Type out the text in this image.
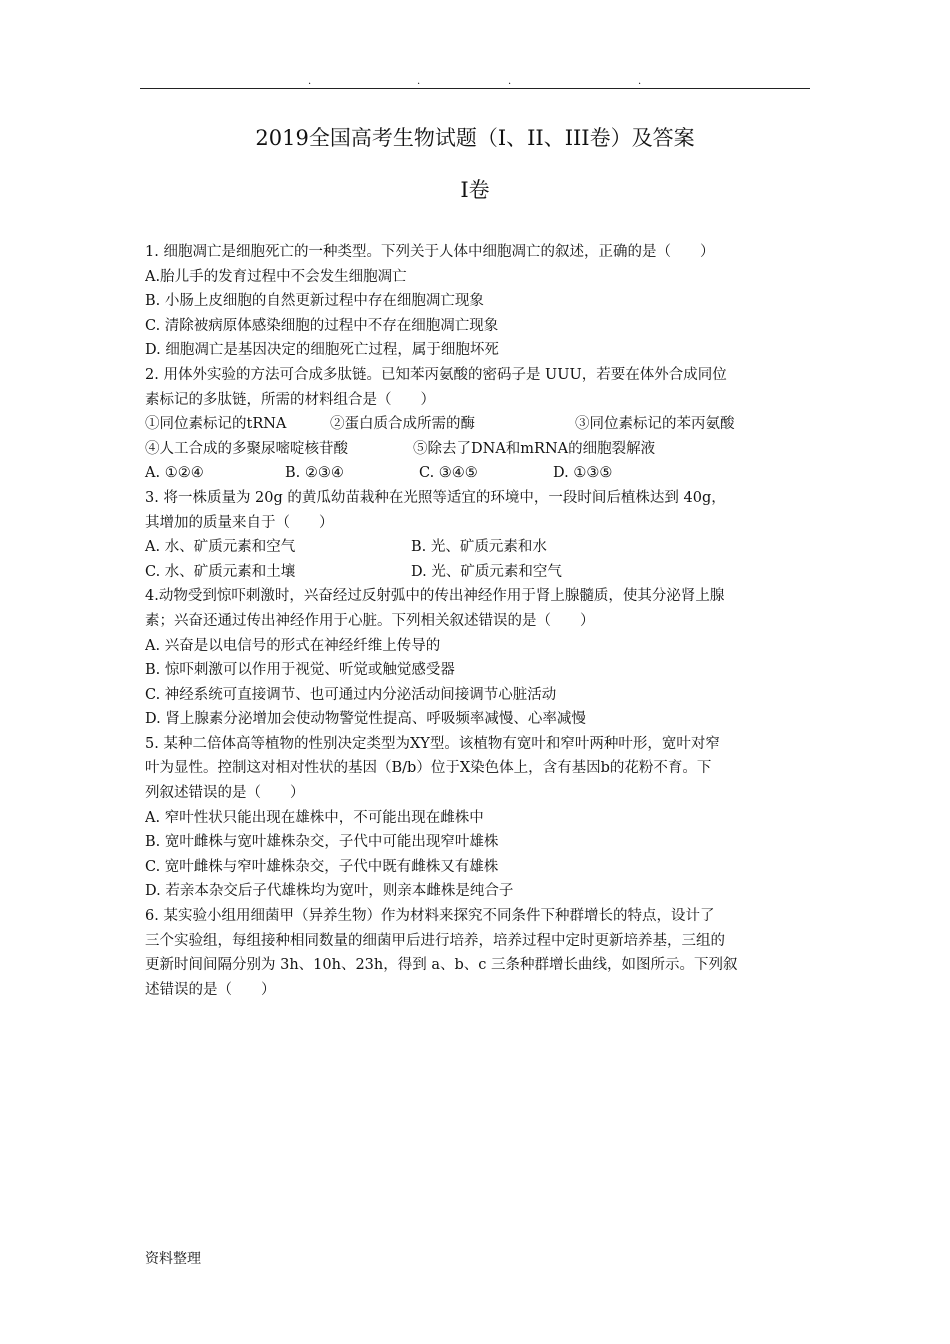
.	.	.	.
2019全国高考生物试题（I、II、III卷）及答案
I卷
1. 细胞凋亡是细胞死亡的一种类型。下列关于人体中细胞凋亡的叙述，正确的是（　　）
A.胎儿手的发育过程中不会发生细胞凋亡
B. 小肠上皮细胞的自然更新过程中存在细胞凋亡现象
C. 清除被病原体感染细胞的过程中不存在细胞凋亡现象
D. 细胞凋亡是基因决定的细胞死亡过程，属于细胞坏死
2. 用体外实验的方法可合成多肽链。已知苯丙氨酸的密码子是 UUU，若要在体外合成同位
素标记的多肽链，所需的材料组合是（　　）
①同位素标记的tRNA	②蛋白质合成所需的酶	③同位素标记的苯丙氨酸
④人工合成的多聚尿嘧啶核苷酸	⑤除去了DNA和mRNA的细胞裂解液
A. ①②④	B. ②③④	C. ③④⑤	D. ①③⑤
3. 将一株质量为 20g 的黄瓜幼苗栽种在光照等适宜的环境中，一段时间后植株达到 40g，
其增加的质量来自于（　　）
A. 水、矿质元素和空气	B. 光、矿质元素和水
C. 水、矿质元素和土壤	D. 光、矿质元素和空气
4.动物受到惊吓刺激时，兴奋经过反射弧中的传出神经作用于肾上腺髓质，使其分泌肾上腺
素；兴奋还通过传出神经作用于心脏。下列相关叙述错误的是（　　）
A. 兴奋是以电信号的形式在神经纤维上传导的
B. 惊吓刺激可以作用于视觉、听觉或触觉感受器
C. 神经系统可直接调节、也可通过内分泌活动间接调节心脏活动
D. 肾上腺素分泌增加会使动物警觉性提高、呼吸频率减慢、心率减慢
5. 某种二倍体高等植物的性别决定类型为XY型。该植物有宽叶和窄叶两种叶形，宽叶对窄
叶为显性。控制这对相对性状的基因（B/b）位于X染色体上，含有基因b的花粉不育。下
列叙述错误的是（　　）
A. 窄叶性状只能出现在雄株中，不可能出现在雌株中
B. 宽叶雌株与宽叶雄株杂交，子代中可能出现窄叶雄株
C. 宽叶雌株与窄叶雄株杂交，子代中既有雌株又有雄株
D. 若亲本杂交后子代雄株均为宽叶，则亲本雌株是纯合子
6. 某实验小组用细菌甲（异养生物）作为材料来探究不同条件下种群增长的特点，设计了
三个实验组，每组接种相同数量的细菌甲后进行培养，培养过程中定时更新培养基，三组的
更新时间间隔分别为 3h、10h、23h，得到 a、b、c 三条种群增长曲线，如图所示。下列叙
述错误的是（　　）
资料整理
